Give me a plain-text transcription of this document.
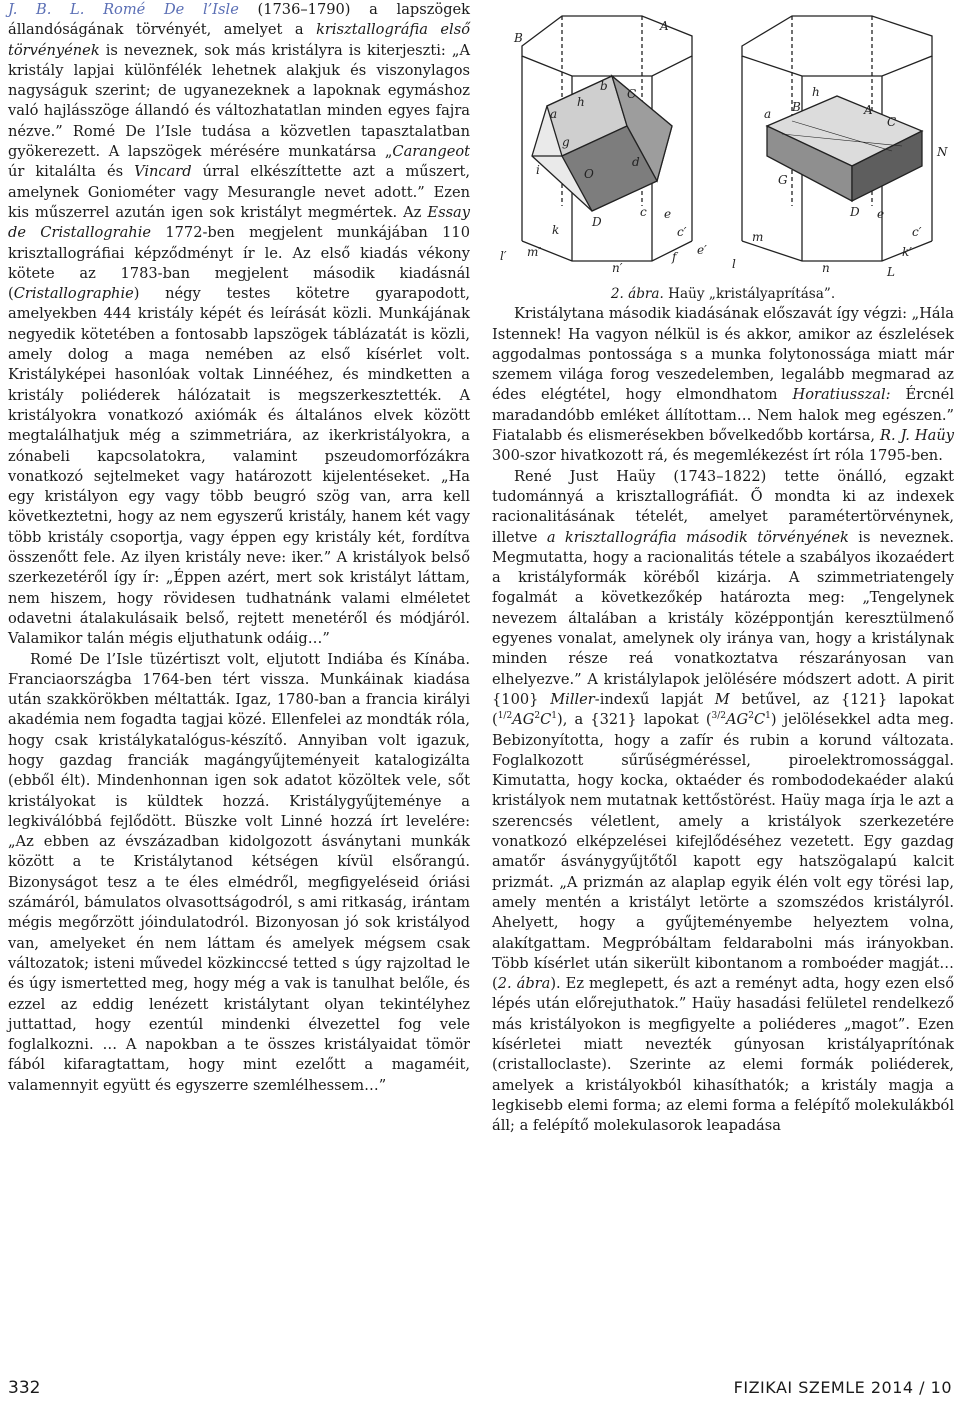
J. B. L. Romé De l’Isle (1736–1790) a lapszögek állandóságának törvényét, amelyet a krisztallográfia első törvényének is neveznek, sok más kristályra is kiterjeszti: „A kristály lapjai különfélék lehetnek alakjuk és viszonylagos nagyságuk szerint; de ugyanezeknek a lapoknak egymáshoz való hajlásszöge állandó és változhatatlan minden egyes fajra nézve.” Romé De l’Isle tudása a közvetlen tapasztalatban gyökerezett. A lapszögek mérésére munkatársa „Carangeot úr kitalálta és Vincard úrral elkészíttette azt a műszert, amelynek Goniométer vagy Mesurangle nevet adott.” Ezen kis műszerrel azután igen sok kristályt megmértek. Az Essay de Cristallograhie 1772-ben megjelent munkájában 110 krisztallográfiai képződményt ír le. Az első kiadás vékony kötete az 1783-ban megjelent második kiadásnál (Cristallographie) négy testes kötetre gyarapodott, amelyekben 444 kristály képét és leírását közli. Munkájának negyedik kötetében a fontosabb lapszögek táblázatát is közli, amely dolog a maga nemében az első kísérlet volt. Kristályképei hasonlóak voltak Linnééhez, és mindketten a kristály poliéderek hálózatait is megszerkesztették. A kristályokra vonatkozó axiómák és általános elvek között megtalálhatjuk még a szimmetriára, az ikerkristályokra, a zónabeli kapcsolatokra, valamint pszeudomorfózákra vonatkozó sejtelmeket vagy határozott kijelentéseket. „Ha egy kristályon egy vagy több beugró szög van, arra kell következtetni, hogy az nem egyszerű kristály, hanem két vagy több kristály csoportja, vagy éppen egy kristály két, fordítva összenőtt fele. Az ilyen kristály neve: iker.” A kristályok belső szerkezetéről így ír: „Éppen azért, mert sok kristályt láttam, nem hiszem, hogy rövidesen tudhatnánk valami elméletet odavetni átalakulásaik belső, rejtett menetéről és módjáról. Valamikor talán mégis eljuthatunk odáig…”

Romé De l’Isle tüzértiszt volt, eljutott Indiába és Kínába. Franciaországba 1764-ben tért vissza. Munkáinak kiadása után szakkörökben méltatták. Igaz, 1780-ban a francia királyi akadémia nem fogadta tagjai közé. Ellenfelei az mondták róla, hogy csak kristálykatalógus-készítő. Annyiban volt igazuk, hogy gazdag franciák magángyűjteményeit katalogizálta (ebből élt). Mindenhonnan igen sok adatot közöltek vele, sőt kristályokat is küldtek hozzá. Kristálygyűjteménye a legkiválóbbá fejlődött. Büszke volt Linné hozzá írt levelére: „Az ebben az évszázadban kidolgozott ásványtani munkák között a te Kristálytanod kétségen kívül elsőrangú. Bizonyságot tesz a te éles elmédről, megfigyeléseid óriási számáról, bámulatos olvasottságodról, s ami ritkaság, irántam mégis megőrzött jóindulatodról. Bizonyosan jó sok kristályod van, amelyeket én nem láttam és amelyek mégsem csak változatok; isteni művedel közkinccsé tetted s úgy rajzoltad le és úgy ismertetted meg, hogy még a vak is tanulhat belőle, és ezzel az eddig lenézett kristálytant olyan tekintélyhez juttattad, hogy ezentúl mindenki élvezettel fog vele foglalkozni. … A napokban a te összes kristályaidat tömör fából kifaragtattam, hogy mint ezelőtt a magaméit, valamennyit együtt és egyszerre szemlélhessem…”

B
A
C
h
b
a
g
i	O
d
c
D
e
c′
k
m′
l′
n′
f e′
B	A
C
a
h
G
D e
c′
m
l	n
k′
L
N

2. ábra. Haüy „kristályaprítása”.

Kristálytana második kiadásának előszavát így végzi: „Hála Istennek! Ha vagyon nélkül is és akkor, amikor az észlelések aggodalmas pontossága s a munka folytonossága miatt már szemem világa forog veszedelemben, legalább megmarad az édes elégtétel, hogy elmondhatom Horatiusszal: Ércnél maradandóbb emléket állítottam… Nem halok meg egészen.” Fiatalabb és elismerésekben bővelkedőbb kortársa, R. J. Haüy 300-szor hivatkozott rá, és megemlékezést írt róla 1795-ben.

René Just Haüy (1743–1822) tette önálló, egzakt tudománnyá a krisztallográfiát. Ő mondta ki az indexek racionalitásának tételét, amelyet paramétertörvénynek, illetve a krisztallográfia második törvényének is neveznek. Megmutatta, hogy a racionalitás tétele a szabályos ikozaédert a kristályformák köréből kizárja. A szimmetriatengely fogalmát a következőkép határozta meg: „Tengelynek nevezem általában a kristály középpontján keresztülmenő egyenes vonalat, amelynek oly iránya van, hogy a kristálynak minden része reá vonatkoztatva részarányosan van elhelyezve.” A kristálylapok jelölésére módszert adott. A pirit {100} Miller-indexű lapját M betűvel, az {121} lapokat $(^{1/2}AG^2C^1)$, a {321} lapokat $(^{3/2}AG^2C^1)$ jelölésekkel adta meg. Bebizonyította, hogy a zafír és rubin a korund változata. Foglalkozott sűrűségméréssel, piroelektromossággal. Kimutatta, hogy kocka, oktaéder és rombododekaéder alakú kristályok nem mutatnak kettőstörést. Haüy maga írja le azt a szerencsés véletlent, amely a kristályok szerkezetére vonatkozó elképzelései kifejlődéséhez vezetett. Egy gazdag amatőr ásványgyűjtőtől kapott egy hatszögalapú kalcit prizmát. „A prizmán az alaplap egyik élén volt egy törési lap, amely mentén a kristályt letörte a szomszédos kristályról. Ahelyett, hogy a gyűjteményembe helyeztem volna, alakítgattam. Megpróbáltam feldarabolni más irányokban. Több kísérlet után sikerült kibontanom a romboéder magját… (2. ábra). Ez meglepett, és azt a reményt adta, hogy ezen első lépés után előrejuthatok.” Haüy hasadási felületel rendelkező más kristályokon is megfigyelte a poliéderes „magot”. Ezen kísérletei miatt nevezték gúnyosan kristályaprítónak (cristalloclaste). Szerinte az elemi formák poliéderek, amelyek a kristályokból kihasíthatók; a kristály magja a legkisebb elemi forma; az elemi forma a felépítő molekulákból áll; a felépítő molekulasorok leapadása

332	FIZIKAI SZEMLE 2014 / 10
